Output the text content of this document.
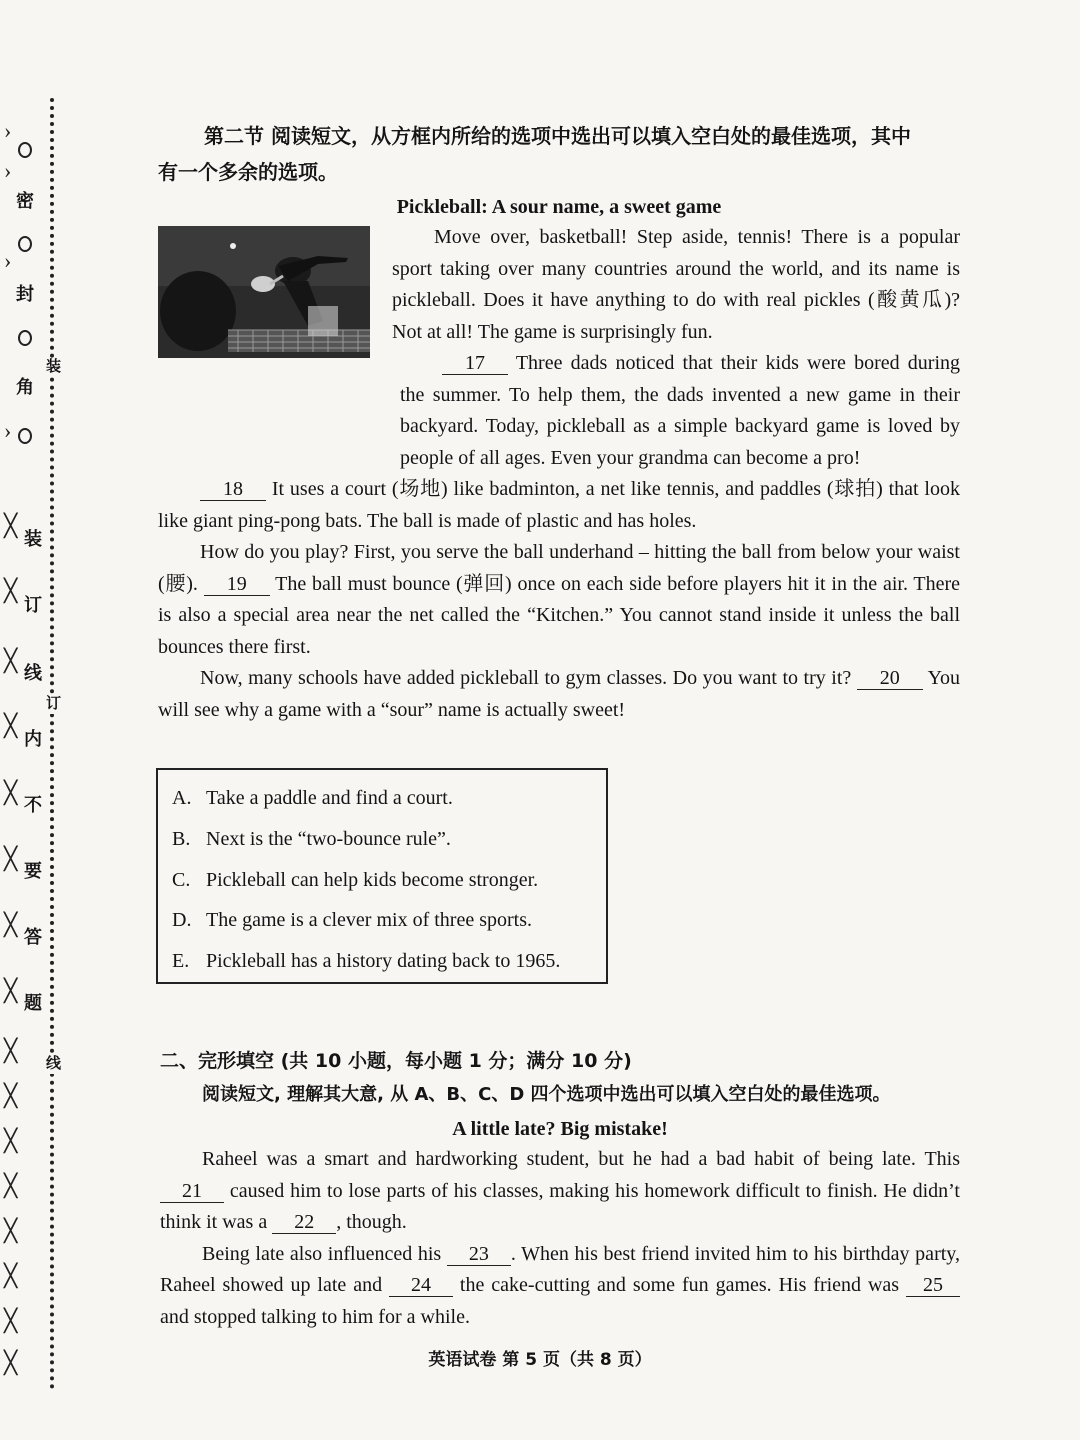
密
封
角
装
装
订
线
订
内
不
要
答
题
线
›
›
›
›
╳
╳
╳
╳
╳
╳
╳
╳
╳
╳
╳
╳
╳
╳
╳
╳
第二节 阅读短文，从方框内所给的选项中选出可以填入空白处的最佳选项，其中
有一个多余的选项。
Pickleball: A sour name, a sweet game

Move over, basketball! Step aside, tennis! There is a popular sport taking over many countries around the world, and its name is pickleball. Does it have anything to do with real pickles (酸黄瓜)? Not at all! The game is surprisingly fun.

17 Three dads noticed that their kids were bored during the summer. To help them, the dads invented a new game in their backyard. Today, pickleball as a simple backyard game is loved by people of all ages. Even your grandma can become a pro!

18 It uses a court (场地) like badminton, a net like tennis, and paddles (球拍) that look like giant ping-pong bats. The ball is made of plastic and has holes.

How do you play? First, you serve the ball underhand – hitting the ball from below your waist (腰). 19 The ball must bounce (弹回) once on each side before players hit it in the air. There is also a special area near the net called the “Kitchen.” You cannot stand inside it unless the ball bounces there first.

Now, many schools have added pickleball to gym classes. Do you want to try it? 20 You will see why a game with a “sour” name is actually sweet!

A. Take a paddle and find a court.
B. Next is the “two-bounce rule”.
C. Pickleball can help kids become stronger.
D. The game is a clever mix of three sports.
E. Pickleball has a history dating back to 1965.
二、完形填空 (共 10 小题，每小题 1 分；满分 10 分)
阅读短文, 理解其大意, 从 A、B、C、D 四个选项中选出可以填入空白处的最佳选项。
A little late? Big mistake!

Raheel was a smart and hardworking student, but he had a bad habit of being late. This 21 caused him to lose parts of his classes, making his homework difficult to finish. He didn’t think it was a 22 , though.

Being late also influenced his 23 . When his best friend invited him to his birthday party, Raheel showed up late and 24 the cake-cutting and some fun games. His friend was 25 and stopped talking to him for a while.

英语试卷 第 5 页（共 8 页）
